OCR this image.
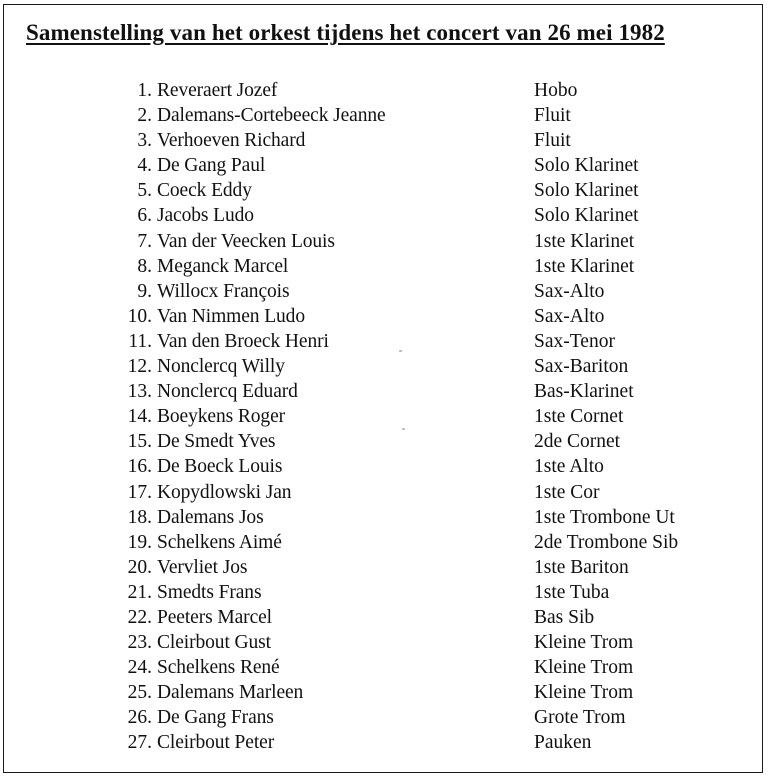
Samenstelling van het orkest tijdens het concert van 26 mei 1982
1. Reveraert Jozef	Hobo
2. Dalemans-Cortebeeck Jeanne	Fluit
3. Verhoeven Richard	Fluit
4. De Gang Paul	Solo Klarinet
5. Coeck Eddy	Solo Klarinet
6. Jacobs Ludo	Solo Klarinet
7. Van der Veecken Louis	1ste Klarinet
8. Meganck Marcel	1ste Klarinet
9. Willocx François	Sax-Alto
10. Van Nimmen Ludo	Sax-Alto
11. Van den Broeck Henri	Sax-Tenor
12. Nonclercq Willy	Sax-Bariton
13. Nonclercq Eduard	Bas-Klarinet
14. Boeykens Roger	1ste Cornet
15. De Smedt Yves	2de Cornet
16. De Boeck Louis	1ste Alto
17. Kopydlowski Jan	1ste Cor
18. Dalemans Jos	1ste Trombone Ut
19. Schelkens Aimé	2de Trombone Sib
20. Vervliet Jos	1ste Bariton
21. Smedts Frans	1ste Tuba
22. Peeters Marcel	Bas Sib
23. Cleirbout Gust	Kleine Trom
24. Schelkens René	Kleine Trom
25. Dalemans Marleen	Kleine Trom
26. De Gang Frans	Grote Trom
27. Cleirbout Peter	Pauken
